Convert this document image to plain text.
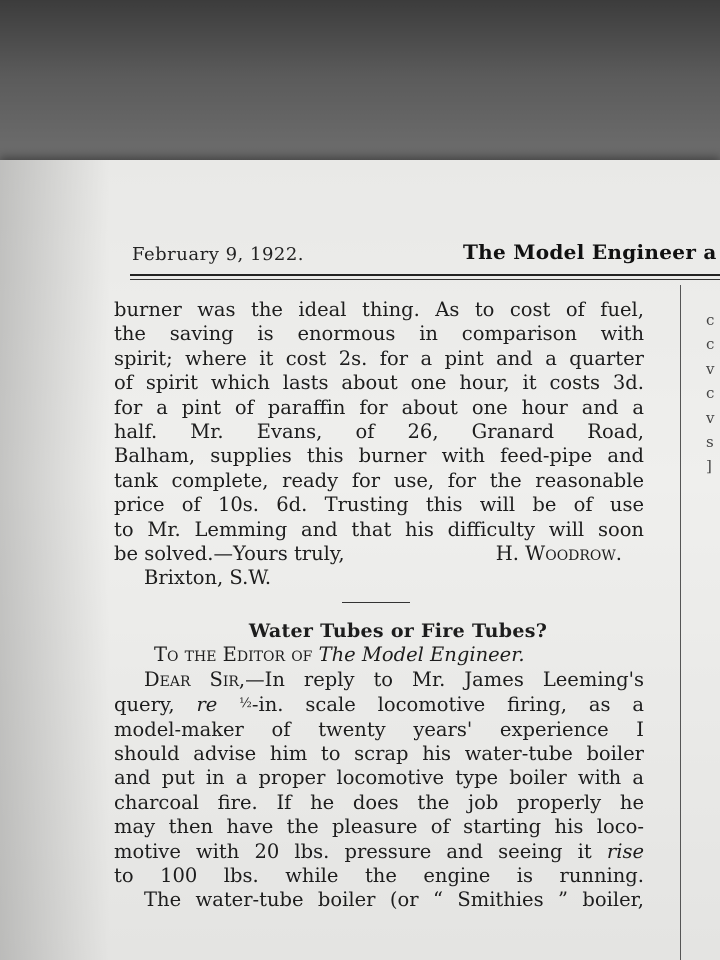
February 9, 1922.	The Model Engineer a

burner was the ideal thing. As to cost of fuel,

the saving is enormous in comparison with

spirit; where it cost 2s. for a pint and a quarter

of spirit which lasts about one hour, it costs 3d.

for a pint of paraffin for about one hour and a

half. Mr. Evans, of 26, Granard Road,

Balham, supplies this burner with feed-pipe and

tank complete, ready for use, for the reasonable

price of 10s. 6d. Trusting this will be of use

to Mr. Lemming and that his difficulty will soon

be solved.—Yours truly,	H. Woodrow.

Brixton, S.W.

Water Tubes or Fire Tubes?

To the Editor of The Model Engineer.

Dear Sir,—In reply to Mr. James Leeming's

query, re $^{\frac{1}{2}}$-in. scale locomotive firing, as a

model-maker of twenty years' experience I

should advise him to scrap his water-tube boiler

and put in a proper locomotive type boiler with a

charcoal fire. If he does the job properly he

may then have the pleasure of starting his loco-

motive with 20 lbs. pressure and seeing it rise

to 100 lbs. while the engine is running.

The water-tube boiler (or “ Smithies ” boiler,

c
c
v
c
v
s
]
